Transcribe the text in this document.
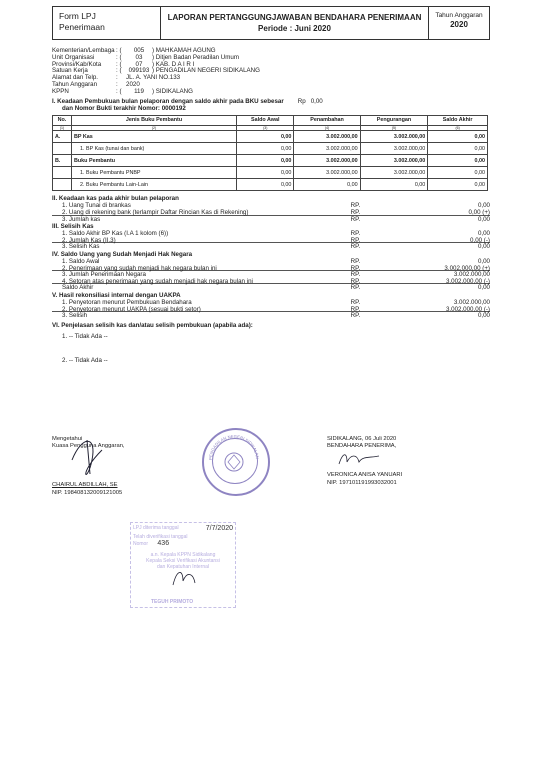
Form LPJ
Penerimaan
LAPORAN PERTANGGUNGJAWABAN BENDAHARA PENERIMAAN
Periode : Juni 2020
Tahun Anggaran
2020
Kementerian/Lembaga : (	005	) MAHKAMAH AGUNG
Unit Organisasi	: (	03	) Ditjen Badan Peradilan Umum
Provinsi/Kab/Kota	: (	07	) KAB. D A I R I
Satuan Kerja	: (	099193 ) PENGADILAN NEGERI SIDIKALANG
Alamat dan Telp.	:	JL. A. YANI NO.133
Tahun Anggaran	:	2020
KPPN	: (	119	) SIDIKALANG
I. Keadaan Pembukuan bulan pelaporan dengan saldo akhir pada BKU sebesar Rp 0,00
dan Nomor Bukti terakhir Nomor: 0000192
No.	Jenis Buku Pembantu	Saldo Awal	Penambahan	Pengurangan	Saldo Akhir
(1)	(2)	(3)	(4)	(5)	(6)
A.	BP Kas	0,00	3.002.000,00	3.002.000,00	0,00
	1. BP Kas (tunai dan bank)	0,00	3.002.000,00	3.002.000,00	0,00
B.	Buku Pembantu	0,00	3.002.000,00	3.002.000,00	0,00
	1. Buku Pembantu PNBP	0,00	3.002.000,00	3.002.000,00	0,00
	2. Buku Pembantu Lain-Lain	0,00	0,00	0,00	0,00
II. Keadaan kas pada akhir bulan pelaporan
1. Uang Tunai di brankas	RP.	0,00
2. Uang di rekening bank (terlampir Daftar Rincian Kas di Rekening)	RP.	0,00 (+)
3. Jumlah kas	RP.	0,00
III. Selisih Kas
1. Saldo Akhir BP Kas (I.A 1 kolom (6))	RP.	0,00
2. Jumlah Kas (II.3)	RP.	0,00 (-)
3. Selisih Kas	RP.	0,00
IV. Saldo Uang yang Sudah Menjadi Hak Negara
1. Saldo Awal	RP.	0,00
2. Penerimaan yang sudah menjadi hak negara bulan ini	RP.	3.002.000,00 (+)
3. Jumlah Penerimaan Negara	RP.	3.002.000,00
4. Setoran atas penerimaan yang sudah menjadi hak negara bulan ini	RP.	3.002.000,00 (-)
Saldo Akhir	RP.	0,00
V. Hasil rekonsiliasi internal dengan UAKPA
1. Penyetoran menurut Pembukuan Bendahara	RP.	3.002.000,00
2. Penyetoran menurut UAKPA (sesuai bukti setor)	RP.	3.002.000,00 (-)
3. Selisih	RP.	0,00
VI. Penjelasan selisih kas dan/atau selisih pembukuan (apabila ada):
1. -- Tidak Ada --
2. -- Tidak Ada --
Mengetahui
Kuasa Pengguna Anggaran,
CHAIRUL ABDILLAH, SE
NIP. 198408132009121005
PENGADILAN NEGERI SIDIKALAN
SIDIKALANG, 06 Juli 2020
BENDAHARA PENERIMA,
VERONICA ANISA YANUARI
NIP. 197101191993032001
LPJ diterima tanggal	7/7/2020
Telah diverifikasi tanggal
Nomor 436
a.n. Kepala KPPN Sidikalang
Kepala Seksi Verifikasi Akuntansi
dan Kepatuhan Internal
TEGUH PRIMOTO
